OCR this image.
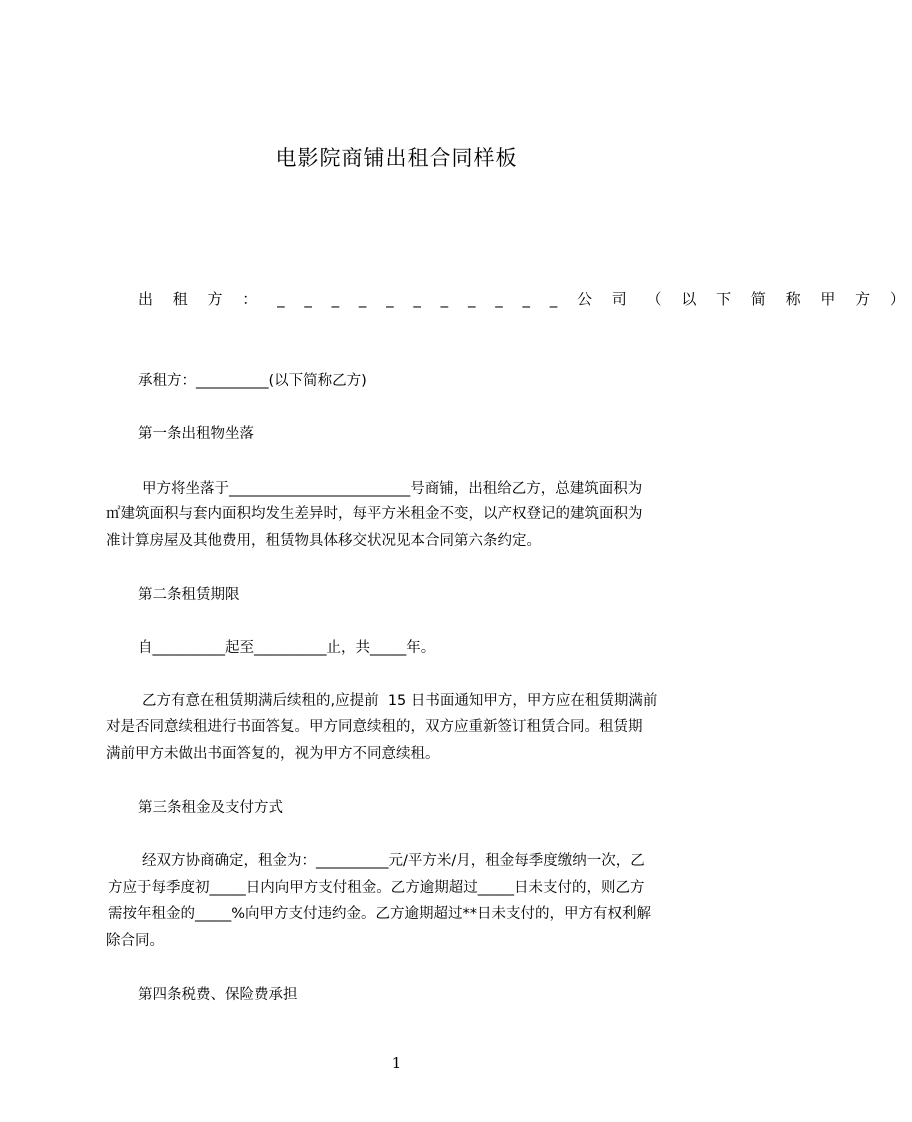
电影院商铺出租合同样板
出 租 方 ： _ _ _ _ _ _ _ _ _ _ _ 公 司 （ 以 下 简 称 甲 方 ）
承租方：__________(以下简称乙方)
第一条出租物坐落
甲方将坐落于_________________________号商铺，出租给乙方，总建筑面积为
㎡建筑面积与套内面积均发生差异时，每平方米租金不变，以产权登记的建筑面积为
准计算房屋及其他费用，租赁物具体移交状况见本合同第六条约定。
第二条租赁期限
自__________起至__________止，共_____年。
乙方有意在租赁期满后续租的,应提前  15 日书面通知甲方，甲方应在租赁期满前
对是否同意续租进行书面答复。甲方同意续租的，双方应重新签订租赁合同。租赁期
满前甲方未做出书面答复的，视为甲方不同意续租。
第三条租金及支付方式
经双方协商确定，租金为：__________元/平方米/月，租金每季度缴纳一次，乙
方应于每季度初_____日内向甲方支付租金。乙方逾期超过_____日未支付的，则乙方
需按年租金的_____%向甲方支付违约金。乙方逾期超过**日未支付的，甲方有权利解
除合同。
第四条税费、保险费承担
1
